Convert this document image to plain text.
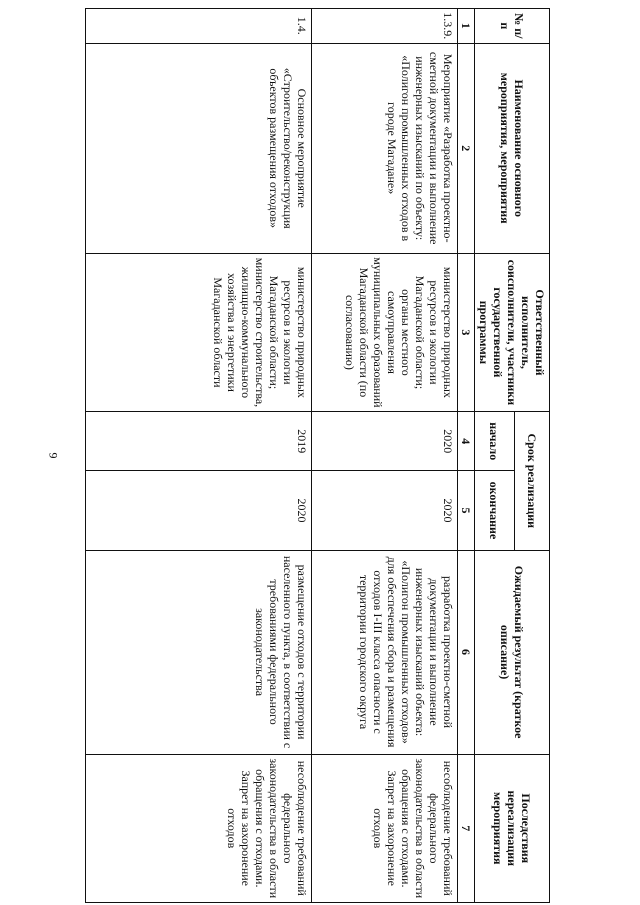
9
№ п/п	Наименование основного мероприятия, мероприятия	Ответственный исполнитель, соисполнители, участники государственной программы	Срок реализации		Ожидаемый результат (краткое описание)	Последствия нереализации мероприятия
			начало	окончание		
1	2	3	4	5	6	7
1.3.9.	Мероприятие «Разработка проектно-сметной документации и выполнение инженерных изысканий по объекту: «Полигон промышленных отходов в городе Магадане»	министерство природных ресурсов и экологии Магаданской области; органы местного самоуправления муниципальных образований Магаданской области (по согласованию)	2020	2020	разработка проектно-сметной документации и выполнение инженерных изысканий объекта: «Полигон промышленных отходов» для обеспечения сбора и размещения отходов I-III класса опасности с территории городского округа	несоблюдение требований федерального законодательства в области обращения с отходами. Запрет на захоронение отходов
1.4.	Основное мероприятие «Строительство/реконструкция объектов размещения отходов»	министерство природных ресурсов и экологии Магаданской области; министерство строительства, жилищно-коммунального хозяйства и энергетики Магаданской области	2019	2020	размещение отходов с территории населенного пункта, в соответствии с требованиями федерального законодательства	несоблюдение требований федерального законодательства в области обращения с отходами. Запрет на захоронение отходов
